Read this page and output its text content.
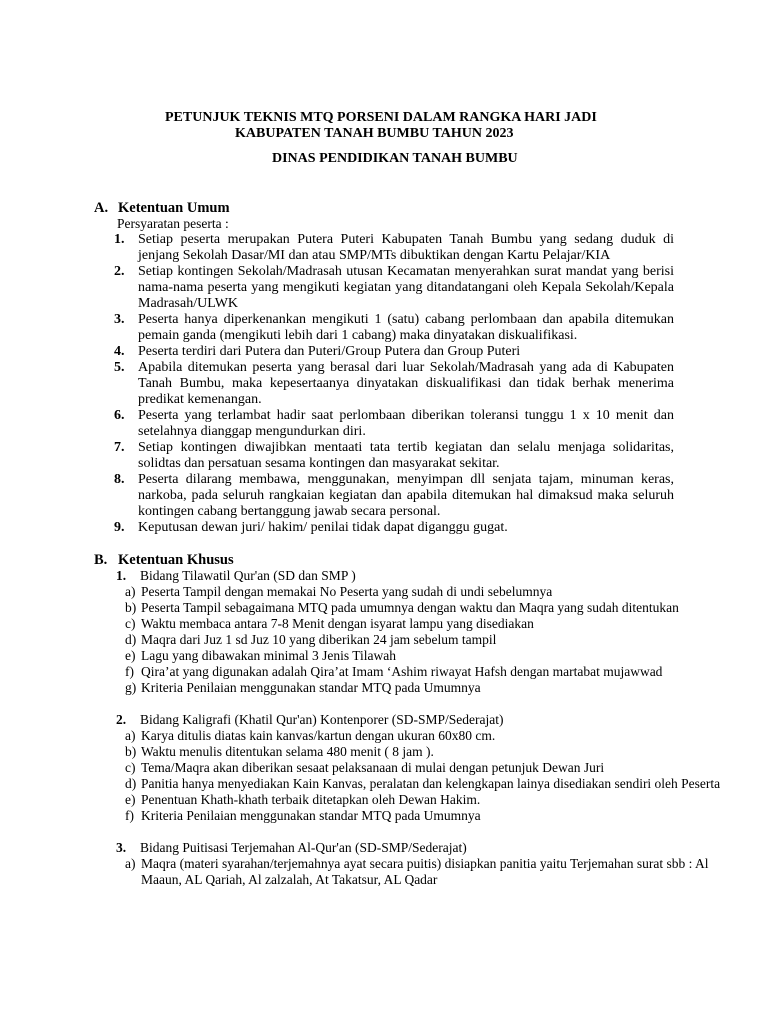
PETUNJUK TEKNIS MTQ PORSENI DALAM RANGKA HARI JADI
KABUPATEN TANAH BUMBU TAHUN 2023
DINAS PENDIDIKAN TANAH BUMBU
A. Ketentuan Umum
Persyaratan peserta :
1. Setiap peserta merupakan Putera Puteri Kabupaten Tanah Bumbu yang sedang duduk di jenjang Sekolah Dasar/MI dan atau SMP/MTs dibuktikan dengan Kartu Pelajar/KIA
2. Setiap kontingen Sekolah/Madrasah utusan Kecamatan menyerahkan surat mandat yang berisi nama-nama peserta yang mengikuti kegiatan yang ditandatangani oleh Kepala Sekolah/Kepala Madrasah/ULWK
3. Peserta hanya diperkenankan mengikuti 1 (satu) cabang perlombaan dan apabila ditemukan pemain ganda (mengikuti lebih dari 1 cabang) maka dinyatakan diskualifikasi.
4. Peserta terdiri dari Putera dan Puteri/Group Putera dan Group Puteri
5. Apabila ditemukan peserta yang berasal dari luar Sekolah/Madrasah yang ada di Kabupaten Tanah Bumbu, maka kepesertaanya dinyatakan diskualifikasi dan tidak berhak menerima predikat kemenangan.
6. Peserta yang terlambat hadir saat perlombaan diberikan toleransi tunggu 1 x 10 menit dan setelahnya dianggap mengundurkan diri.
7. Setiap kontingen diwajibkan mentaati tata tertib kegiatan dan selalu menjaga solidaritas, solidtas dan persatuan sesama kontingen dan masyarakat sekitar.
8. Peserta dilarang membawa, menggunakan, menyimpan dll senjata tajam, minuman keras, narkoba, pada seluruh rangkaian kegiatan dan apabila ditemukan hal dimaksud maka seluruh kontingen cabang bertanggung jawab secara personal.
9. Keputusan dewan juri/ hakim/ penilai tidak dapat diganggu gugat.
B. Ketentuan Khusus
1. Bidang Tilawatil Qur'an (SD dan SMP )
a) Peserta Tampil dengan memakai No Peserta yang sudah di undi sebelumnya
b) Peserta Tampil sebagaimana MTQ pada umumnya dengan waktu dan Maqra yang sudah ditentukan
c) Waktu membaca antara 7-8 Menit dengan isyarat lampu yang disediakan
d) Maqra dari Juz 1 sd Juz 10 yang diberikan 24 jam sebelum tampil
e) Lagu yang dibawakan minimal 3 Jenis Tilawah
f) Qira’at yang digunakan adalah Qira’at Imam ‘Ashim riwayat Hafsh dengan martabat mujawwad
g) Kriteria Penilaian menggunakan standar MTQ pada Umumnya
2. Bidang Kaligrafi (Khatil Qur'an) Kontenporer (SD-SMP/Sederajat)
a) Karya ditulis diatas kain kanvas/kartun dengan ukuran 60x80 cm.
b) Waktu menulis ditentukan selama 480 menit ( 8 jam ).
c) Tema/Maqra akan diberikan sesaat pelaksanaan di mulai dengan petunjuk Dewan Juri
d) Panitia hanya menyediakan Kain Kanvas, peralatan dan kelengkapan lainya disediakan sendiri oleh Peserta
e) Penentuan Khath-khath terbaik ditetapkan oleh Dewan Hakim.
f) Kriteria Penilaian menggunakan standar MTQ pada Umumnya
3. Bidang Puitisasi Terjemahan Al-Qur'an (SD-SMP/Sederajat)
a) Maqra (materi syarahan/terjemahnya ayat secara puitis) disiapkan panitia yaitu Terjemahan surat sbb : Al Maaun, AL Qariah, Al zalzalah, At Takatsur, AL Qadar
